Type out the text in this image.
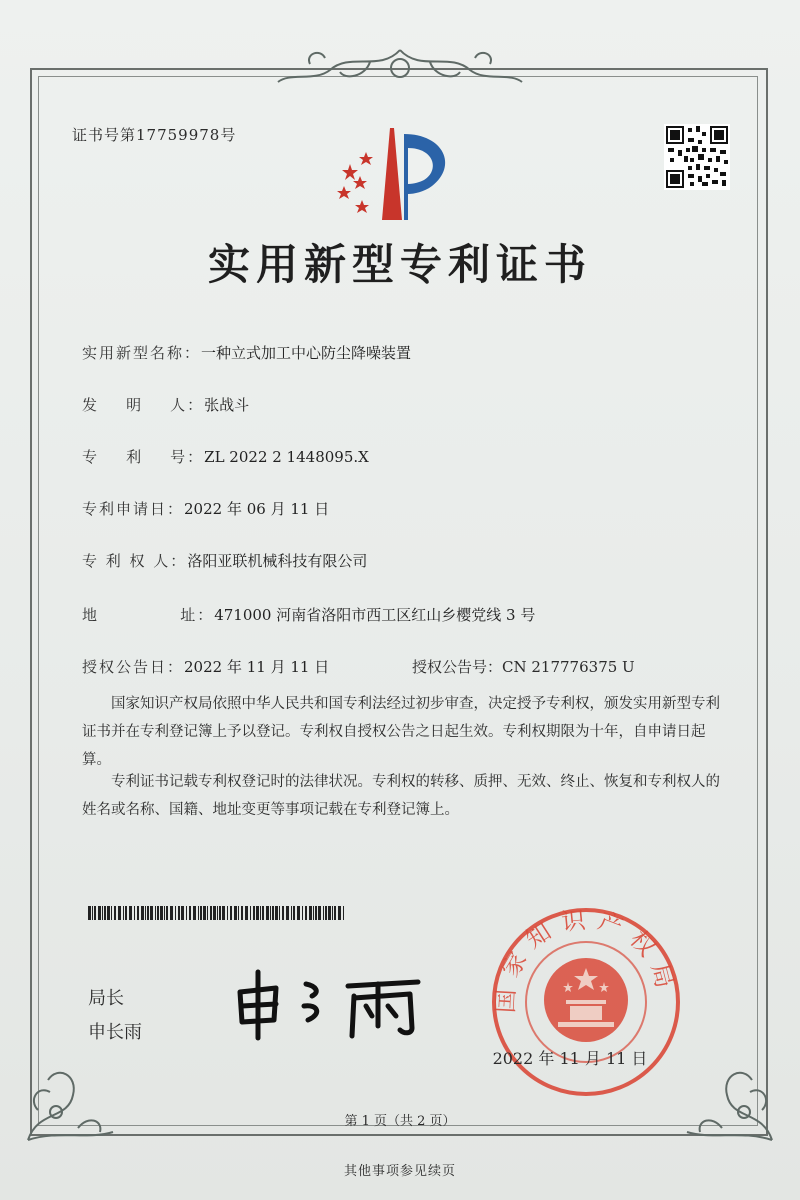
证书号第17759978号
实用新型专利证书
实用新型名称：一种立式加工中心防尘降噪装置
发    明    人：张战斗
专    利    号：ZL 2022 2 1448095.X
专利申请日：2022 年 06 月 11 日
专 利 权 人：洛阳亚联机械科技有限公司
地            址：471000 河南省洛阳市西工区红山乡樱党线 3 号
授权公告日：2022 年 11 月 11 日	授权公告号：CN 217776375 U
国家知识产权局依照中华人民共和国专利法经过初步审查，决定授予专利权，颁发实用新型专利证书并在专利登记簿上予以登记。专利权自授权公告之日起生效。专利权期限为十年，自申请日起算。
专利证书记载专利权登记时的法律状况。专利权的转移、质押、无效、终止、恢复和专利权人的姓名或名称、国籍、地址变更等事项记载在专利登记簿上。
局长
申长雨
国家知识产权局
2022 年 11 月 11 日
第 1 页（共 2 页）
其他事项参见续页
